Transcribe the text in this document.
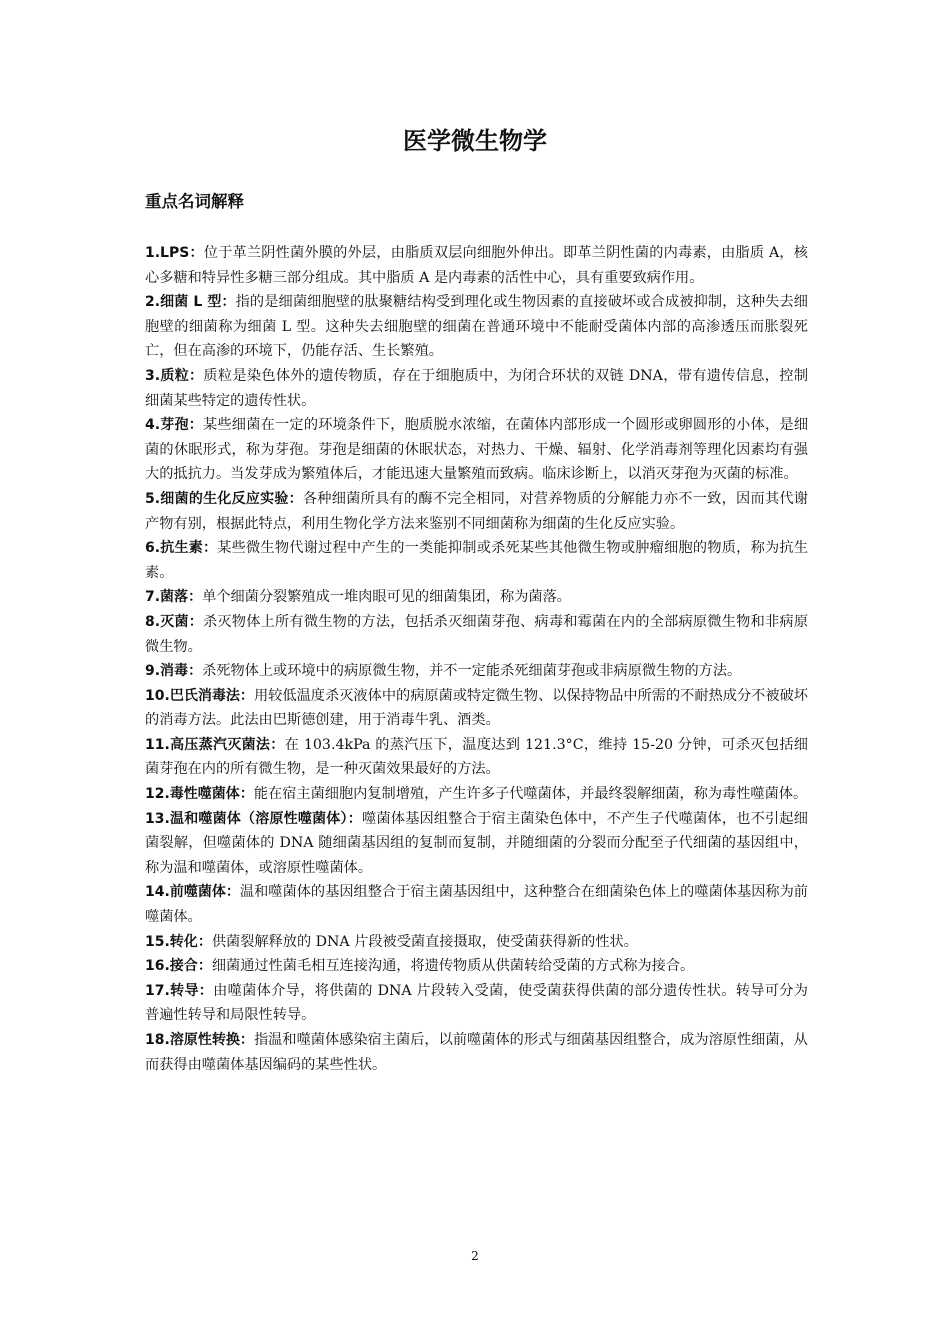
医学微生物学
重点名词解释
1.LPS：位于革兰阴性菌外膜的外层，由脂质双层向细胞外伸出。即革兰阴性菌的内毒素，由脂质 A，核心多糖和特异性多糖三部分组成。其中脂质 A 是内毒素的活性中心，具有重要致病作用。
2.细菌 L 型：指的是细菌细胞壁的肽聚糖结构受到理化或生物因素的直接破坏或合成被抑制，这种失去细胞壁的细菌称为细菌 L 型。这种失去细胞壁的细菌在普通环境中不能耐受菌体内部的高渗透压而胀裂死亡，但在高渗的环境下，仍能存活、生长繁殖。
3.质粒：质粒是染色体外的遗传物质，存在于细胞质中，为闭合环状的双链 DNA，带有遗传信息，控制细菌某些特定的遗传性状。
4.芽孢：某些细菌在一定的环境条件下，胞质脱水浓缩，在菌体内部形成一个圆形或卵圆形的小体，是细菌的休眠形式，称为芽孢。芽孢是细菌的休眠状态，对热力、干燥、辐射、化学消毒剂等理化因素均有强大的抵抗力。当发芽成为繁殖体后，才能迅速大量繁殖而致病。临床诊断上，以消灭芽孢为灭菌的标准。
5.细菌的生化反应实验：各种细菌所具有的酶不完全相同，对营养物质的分解能力亦不一致，因而其代谢产物有别，根据此特点，利用生物化学方法来鉴别不同细菌称为细菌的生化反应实验。
6.抗生素：某些微生物代谢过程中产生的一类能抑制或杀死某些其他微生物或肿瘤细胞的物质，称为抗生素。
7.菌落：单个细菌分裂繁殖成一堆肉眼可见的细菌集团，称为菌落。
8.灭菌：杀灭物体上所有微生物的方法，包括杀灭细菌芽孢、病毒和霉菌在内的全部病原微生物和非病原微生物。
9.消毒：杀死物体上或环境中的病原微生物，并不一定能杀死细菌芽孢或非病原微生物的方法。
10.巴氏消毒法：用较低温度杀灭液体中的病原菌或特定微生物、以保持物品中所需的不耐热成分不被破坏的消毒方法。此法由巴斯德创建，用于消毒牛乳、酒类。
11.高压蒸汽灭菌法：在 103.4kPa 的蒸汽压下，温度达到 121.3°C，维持 15-20 分钟，可杀灭包括细菌芽孢在内的所有微生物，是一种灭菌效果最好的方法。
12.毒性噬菌体：能在宿主菌细胞内复制增殖，产生许多子代噬菌体，并最终裂解细菌，称为毒性噬菌体。
13.温和噬菌体（溶原性噬菌体）：噬菌体基因组整合于宿主菌染色体中，不产生子代噬菌体，也不引起细菌裂解，但噬菌体的 DNA 随细菌基因组的复制而复制，并随细菌的分裂而分配至子代细菌的基因组中，称为温和噬菌体，或溶原性噬菌体。
14.前噬菌体：温和噬菌体的基因组整合于宿主菌基因组中，这种整合在细菌染色体上的噬菌体基因称为前噬菌体。
15.转化：供菌裂解释放的 DNA 片段被受菌直接摄取，使受菌获得新的性状。
16.接合：细菌通过性菌毛相互连接沟通，将遗传物质从供菌转给受菌的方式称为接合。
17.转导：由噬菌体介导，将供菌的 DNA 片段转入受菌，使受菌获得供菌的部分遗传性状。转导可分为普遍性转导和局限性转导。
18.溶原性转换：指温和噬菌体感染宿主菌后，以前噬菌体的形式与细菌基因组整合，成为溶原性细菌，从而获得由噬菌体基因编码的某些性状。
2
